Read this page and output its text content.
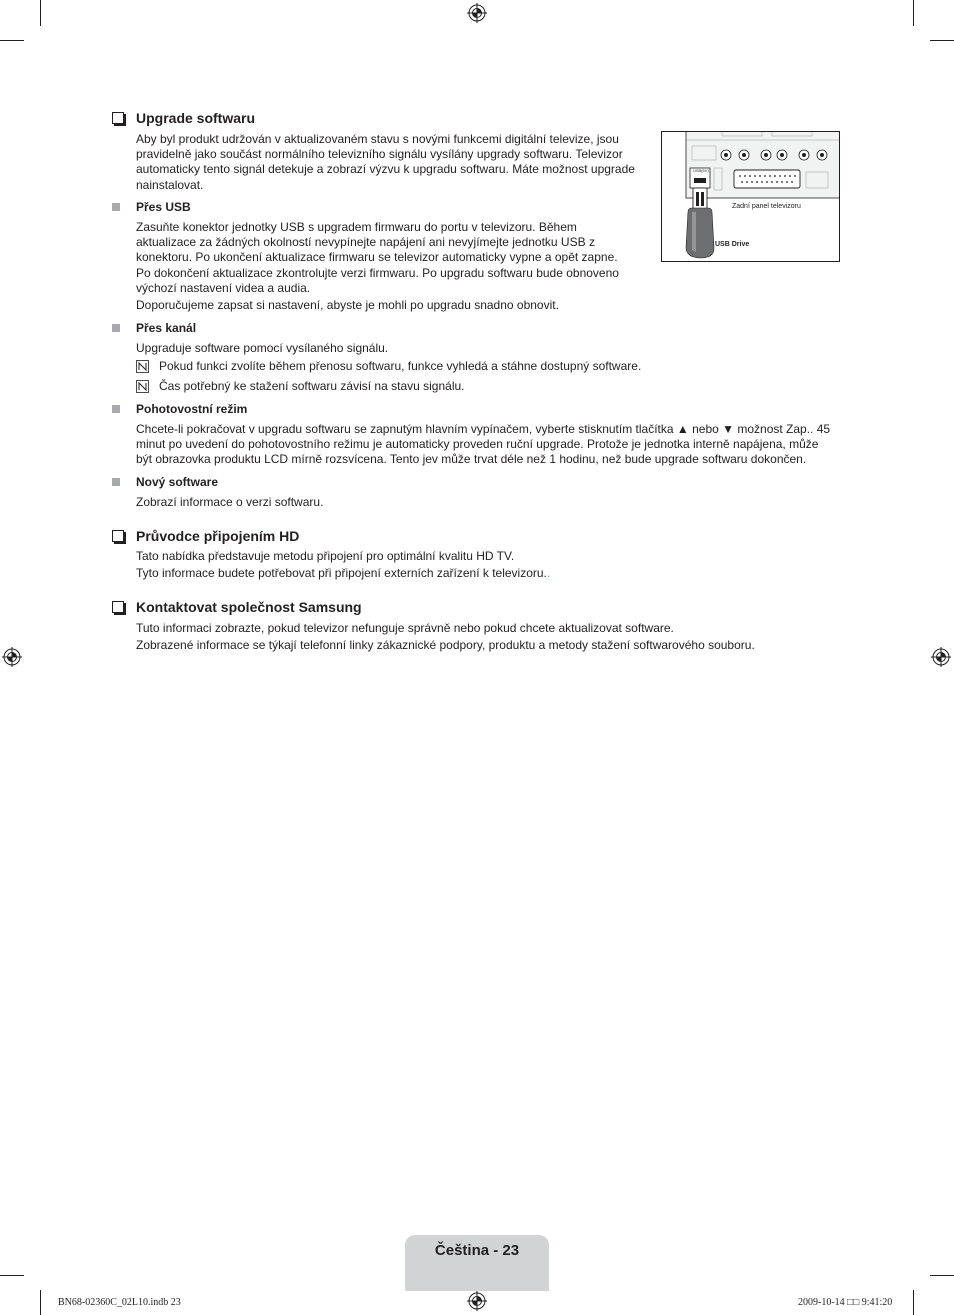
Upgrade softwaru
Aby byl produkt udržován v aktualizovaném stavu s novými funkcemi digitální televize, jsou
pravidelně jako součást normálního televizního signálu vysílány upgrady softwaru. Televizor
automaticky tento signál detekuje a zobrazí výzvu k upgradu softwaru. Máte možnost upgrade
nainstalovat.
USB(5V)
Zadní panel televizoru
USB Drive
Přes USB
Zasuňte konektor jednotky USB s upgradem firmwaru do portu v televizoru. Během
aktualizace za žádných okolností nevypínejte napájení ani nevyjímejte jednotku USB z
konektoru. Po ukončení aktualizace firmwaru se televizor automaticky vypne a opět zapne.
Po dokončení aktualizace zkontrolujte verzi firmwaru. Po upgradu softwaru bude obnoveno
výchozí nastavení videa a audia.
Doporučujeme zapsat si nastavení, abyste je mohli po upgradu snadno obnovit.
Přes kanál
Upgraduje software pomocí vysílaného signálu.
Pokud funkci zvolíte během přenosu softwaru, funkce vyhledá a stáhne dostupný software.
Čas potřebný ke stažení softwaru závisí na stavu signálu.
Pohotovostní režim
Chcete-li pokračovat v upgradu softwaru se zapnutým hlavním vypínačem, vyberte stisknutím tlačítka ▲ nebo ▼ možnost Zap.. 45
minut po uvedení do pohotovostního režimu je automaticky proveden ruční upgrade. Protože je jednotka interně napájena, může
být obrazovka produktu LCD mírně rozsvícena. Tento jev může trvat déle než 1 hodinu, než bude upgrade softwaru dokončen.
Nový software
Zobrazí informace o verzi softwaru.
Průvodce připojením HD
Tato nabídka představuje metodu připojení pro optimální kvalitu HD TV.
Tyto informace budete potřebovat při připojení externích zařízení k televizoru..
Kontaktovat společnost Samsung
Tuto informaci zobrazte, pokud televizor nefunguje správně nebo pokud chcete aktualizovat software.
Zobrazené informace se týkají telefonní linky zákaznické podpory, produktu a metody stažení softwarového souboru.
Čeština - 23
BN68-02360C_02L10.indb 23	2009-10-14 □□ 9:41:20
